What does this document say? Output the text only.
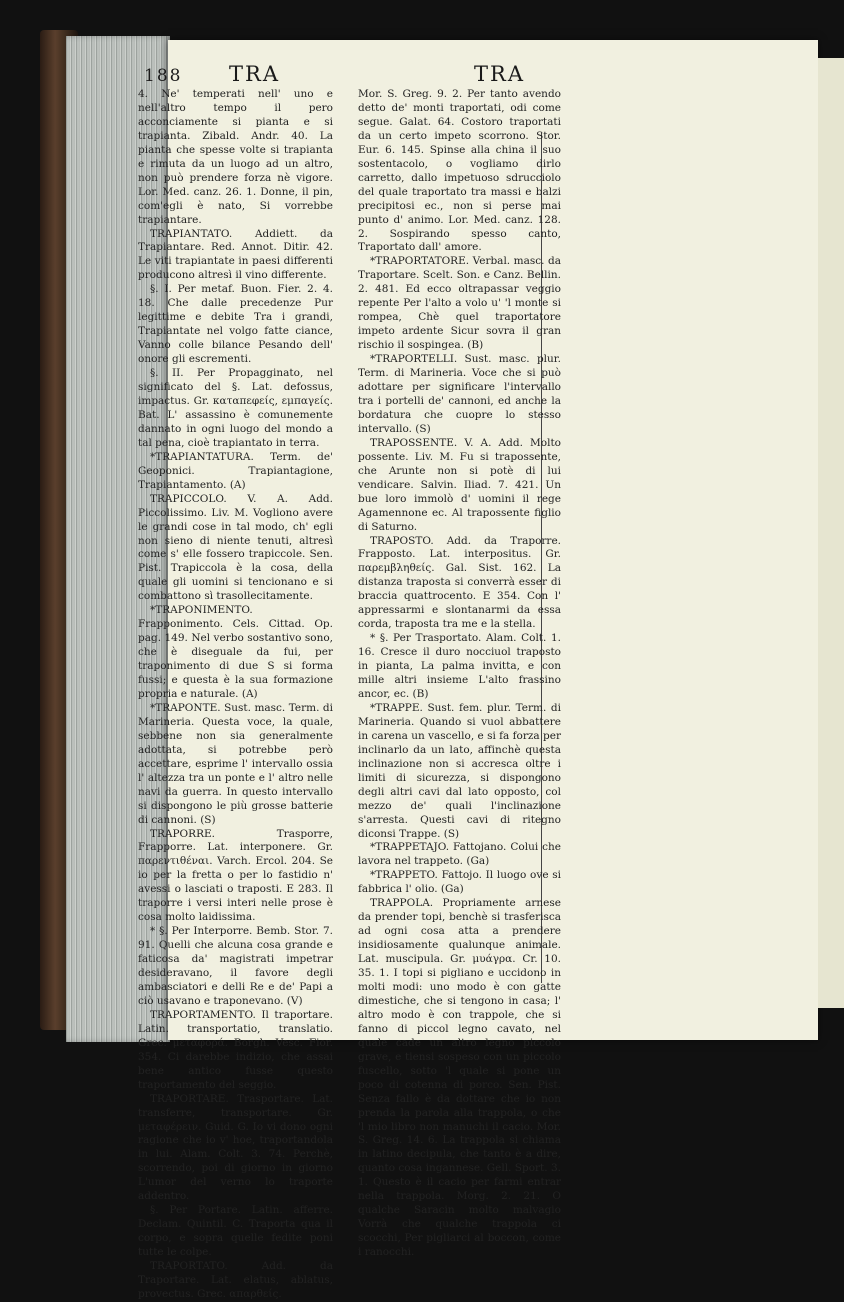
188 TRA	TRA

4. Ne' temperati nell' uno e nell'altro tempo il pero acconciamente si pianta e si trapianta. Zibald. Andr. 40. La pianta che spesse volte si trapianta e rimuta da un luogo ad un altro, non può prendere forza nè vigore. Lor. Med. canz. 26. 1. Donne, il pin, com'egli è nato, Si vorrebbe trapiantare.

TRAPIANTATO. Addiett. da Trapiantare. Red. Annot. Ditir. 42. Le viti trapiantate in paesi differenti producono altresì il vino differente.

§. I. Per metaf. Buon. Fier. 2. 4. 18. Che dalle precedenze Pur legittime e debite Tra i grandi, Trapiantate nel volgo fatte ciance, Vanno colle bilance Pesando dell' onore gli escrementi.

§. II. Per Propagginato, nel significato del §. Lat. defossus, impactus. Gr. καταπεφείς, εμπαγείς. Bat. L' assassino è comunemente dannato in ogni luogo del mondo a tal pena, cioè trapiantato in terra.

*TRAPIANTATURA. Term. de' Geoponici. Trapiantagione, Trapiantamento. (A)

TRAPICCOLO. V. A. Add. Piccolissimo. Liv. M. Vogliono avere le grandi cose in tal modo, ch' egli non sieno di niente tenuti, altresì come s' elle fossero trapiccole. Sen. Pist. Trapiccola è la cosa, della quale gli uomini si tencionano e si combattono sì trasollecitamente.

*TRAPONIMENTO. Frapponimento. Cels. Cittad. Op. pag. 149. Nel verbo sostantivo sono, che è diseguale da fui, per traponimento di due S si forma fussi; e questa è la sua formazione propria e naturale. (A)

*TRAPONTE. Sust. masc. Term. di Marineria. Questa voce, la quale, sebbene non sia generalmente adottata, si potrebbe però accettare, esprime l' intervallo ossia l' altezza tra un ponte e l' altro nelle navi da guerra. In questo intervallo si dispongono le più grosse batterie di cannoni. (S)

TRAPORRE. Trasporre, Frapporre. Lat. interponere. Gr. παρεντιθέναι. Varch. Ercol. 204. Se io per la fretta o per lo fastidio n' avessi o lasciati o traposti. E 283. Il traporre i versi interi nelle prose è cosa molto laidissima.

* §. Per Interporre. Bemb. Stor. 7. 91. Quelli che alcuna cosa grande e faticosa da' magistrati impetrar desideravano, il favore degli ambasciatori e delli Re e de' Papi a ciò usavano e traponevano. (V)

TRAPORTAMENTO. Il traportare. Latin. transportatio, translatio. Grec. μεταφορά. Borgh. Vesc. Fior. 354. Ci darebbe indizio, che assai bene antico fusse questo traportamento del seggio.

TRAPORTARE. Trasportare. Lat. transferre, transportare. Gr. μεταφέρειν. Guid. G. Io vi dono ogni ragione che io v' hoe, traportandola in lui. Alam. Colt. 3. 74. Perchè, scorrendo, poi di giorno in giorno L'umor del verno lo traporte addentro.

§. Per Portare. Latin. afferre. Declam. Quintil. C. Traporta qua il corpo, e sopra quelle fedite poni tutte le colpe.

TRAPORTATO. Add. da Traportare. Lat. elatus, ablatus, provectus. Grec. απαρθείς.

Mor. S. Greg. 9. 2. Per tanto avendo detto de' monti traportati, odi come segue. Galat. 64. Costoro traportati da un certo impeto scorrono. Stor. Eur. 6. 145. Spinse alla china il suo sostentacolo, o vogliamo dirlo carretto, dallo impetuoso sdrucciolo del quale traportato tra massi e balzi precipitosi ec., non si perse mai punto d' animo. Lor. Med. canz. 128. 2. Sospirando spesso canto, Traportato dall' amore.

*TRAPORTATORE. Verbal. masc. da Traportare. Scelt. Son. e Canz. Bellin. 2. 481. Ed ecco oltrapassar veggio repente Per l'alto a volo u' 'l monte si rompea, Chè quel traportatore impeto ardente Sicur sovra il gran rischio il sospingea. (B)

*TRAPORTELLI. Sust. masc. plur. Term. di Marineria. Voce che si può adottare per significare l'intervallo tra i portelli de' cannoni, ed anche la bordatura che cuopre lo stesso intervallo. (S)

TRAPOSSENTE. V. A. Add. Molto possente. Liv. M. Fu si trapossente, che Arunte non si potè di lui vendicare. Salvin. Iliad. 7. 421. Un bue loro immolò d' uomini il rege Agamennone ec. Al trapossente figlio di Saturno.

TRAPOSTO. Add. da Traporre. Frapposto. Lat. interpositus. Gr. παρεμβληθείς. Gal. Sist. 162. La distanza traposta si converrà esser di braccia quattrocento. E 354. Con l' appressarmi e slontanarmi da essa corda, traposta tra me e la stella.

* §. Per Trasportato. Alam. Colt. 1. 16. Cresce il duro nocciuol traposto in pianta, La palma invitta, e con mille altri insieme L'alto frassino ancor, ec. (B)

*TRAPPE. Sust. fem. plur. Term. di Marineria. Quando si vuol abbattere in carena un vascello, e si fa forza per inclinarlo da un lato, affinchè questa inclinazione non si accresca oltre i limiti di sicurezza, si dispongono degli altri cavi dal lato opposto, col mezzo de' quali l'inclinazione s'arresta. Questi cavi di ritegno diconsi Trappe. (S)

*TRAPPETAJO. Fattojano. Colui che lavora nel trappeto. (Ga)

*TRAPPETO. Fattojo. Il luogo ove si fabbrica l' olio. (Ga)

TRAPPOLA. Propriamente arnese da prender topi, benchè si trasferisca ad ogni cosa atta a prendere insidiosamente qualunque animale. Lat. muscipula. Gr. μυάγρα. Cr. 10. 35. 1. I topi si pigliano e uccidono in molti modi: uno modo è con gatte dimestiche, che si tengono in casa; l' altro modo è con trappole, che si fanno di piccol legno cavato, nel quale cade un altro legno piccolo grave, e tiensi sospeso con un piccolo fuscello, sotto 'l quale si pone un poco di cotenna di porco. Sen. Pist. Senza fallo è da dottare che io non prenda la parola alla trappola, o che 'l mio libro non manuchi il cacio. Mor. S. Greg. 14. 6. La trappola si chiama in latino decipula, che tanto è a dire, quanto cosa ingannese. Gell. Sport. 3. 1. Questo è il cacio per farmi entrar nella trappola. Morg. 2. 21. O qualche Saracin molto malvagio Vorrà che qualche trappola ci scocchi, Per pigliarci al boccon, come i ranocchi.
